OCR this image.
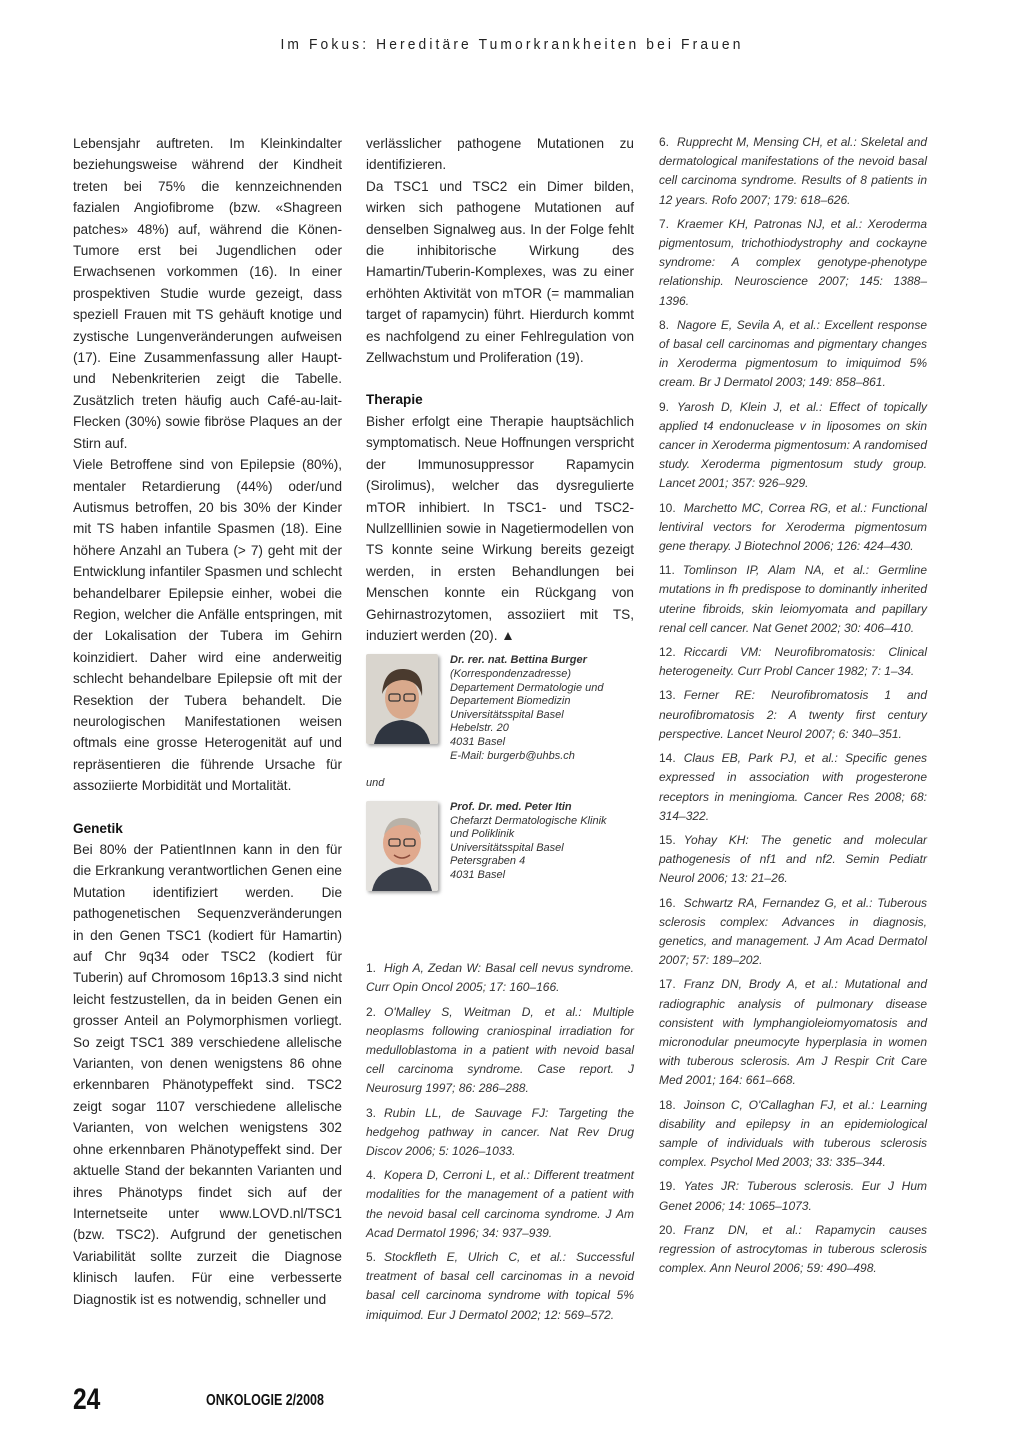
Im Fokus: Hereditäre Tumorkrankheiten bei Frauen

Lebensjahr auftreten. Im Kleinkindalter beziehungsweise während der Kindheit treten bei 75% die kennzeichnenden fazialen Angiofibrome (bzw. «Shagreen patches» 48%) auf, während die Könen-Tumore erst bei Jugendlichen oder Erwachsenen vorkommen (16). In einer prospektiven Studie wurde gezeigt, dass speziell Frauen mit TS gehäuft knotige und zystische Lungenveränderungen aufweisen (17). Eine Zusammenfassung aller Haupt- und Nebenkriterien zeigt die Tabelle. Zusätzlich treten häufig auch Café-au-lait-Flecken (30%) sowie fibröse Plaques an der Stirn auf.

Viele Betroffene sind von Epilepsie (80%), mentaler Retardierung (44%) oder/und Autismus betroffen, 20 bis 30% der Kinder mit TS haben infantile Spasmen (18). Eine höhere Anzahl an Tubera (> 7) geht mit der Entwicklung infantiler Spasmen und schlecht behandelbarer Epilepsie einher, wobei die Region, welcher die Anfälle entspringen, mit der Lokalisation der Tubera im Gehirn koinzidiert. Daher wird eine anderweitig schlecht behandelbare Epilepsie oft mit der Resektion der Tubera behandelt. Die neurologischen Manifestationen weisen oftmals eine grosse Heterogenität auf und repräsentieren die führende Ursache für assoziierte Morbidität und Mortalität.

Genetik

Bei 80% der PatientInnen kann in den für die Erkrankung verantwortlichen Genen eine Mutation identifiziert werden. Die pathogenetischen Sequenzveränderungen in den Genen TSC1 (kodiert für Hamartin) auf Chr 9q34 oder TSC2 (kodiert für Tuberin) auf Chromosom 16p13.3 sind nicht leicht festzustellen, da in beiden Genen ein grosser Anteil an Polymorphismen vorliegt. So zeigt TSC1 389 verschiedene allelische Varianten, von denen wenigstens 86 ohne erkennbaren Phänotypeffekt sind. TSC2 zeigt sogar 1107 verschiedene allelische Varianten, von welchen wenigstens 302 ohne erkennbaren Phänotypeffekt sind. Der aktuelle Stand der bekannten Varianten und ihres Phänotyps findet sich auf der Internetseite unter www.LOVD.nl/TSC1 (bzw. TSC2). Aufgrund der genetischen Variabilität sollte zurzeit die Diagnose klinisch laufen. Für eine verbesserte Diagnostik ist es notwendig, schneller und

verlässlicher pathogene Mutationen zu identifizieren.

Da TSC1 und TSC2 ein Dimer bilden, wirken sich pathogene Mutationen auf denselben Signalweg aus. In der Folge fehlt die inhibitorische Wirkung des Hamartin/Tuberin-Komplexes, was zu einer erhöhten Aktivität von mTOR (= mammalian target of rapamycin) führt. Hierdurch kommt es nachfolgend zu einer Fehlregulation von Zellwachstum und Proliferation (19).

Therapie

Bisher erfolgt eine Therapie hauptsächlich symptomatisch. Neue Hoffnungen verspricht der Immunosuppressor Rapamycin (Sirolimus), welcher das dysregulierte mTOR inhibiert. In TSC1- und TSC2-Nullzelllinien sowie in Nagetiermodellen von TS konnte seine Wirkung bereits gezeigt werden, in ersten Behandlungen bei Menschen konnte ein Rückgang von Gehirnastrozytomen, assoziiert mit TS, induziert werden (20). ▲

Dr. rer. nat. Bettina Burger
(Korrespondenzadresse)
Departement Dermatologie und
Departement Biomedizin
Universitätsspital Basel
Hebelstr. 20
4031 Basel
E-Mail: burgerb@uhbs.ch
und
Prof. Dr. med. Peter Itin
Chefarzt Dermatologische Klinik
und Poliklinik
Universitätsspital Basel
Petersgraben 4
4031 Basel

1. High A, Zedan W: Basal cell nevus syndrome. Curr Opin Oncol 2005; 17: 160–166.

2. O'Malley S, Weitman D, et al.: Multiple neoplasms following craniospinal irradiation for medulloblastoma in a patient with nevoid basal cell carcinoma syndrome. Case report. J Neurosurg 1997; 86: 286–288.

3. Rubin LL, de Sauvage FJ: Targeting the hedgehog pathway in cancer. Nat Rev Drug Discov 2006; 5: 1026–1033.

4. Kopera D, Cerroni L, et al.: Different treatment modalities for the management of a patient with the nevoid basal cell carcinoma syndrome. J Am Acad Dermatol 1996; 34: 937–939.

5. Stockfleth E, Ulrich C, et al.: Successful treatment of basal cell carcinomas in a nevoid basal cell carcinoma syndrome with topical 5% imiquimod. Eur J Dermatol 2002; 12: 569–572.

6. Rupprecht M, Mensing CH, et al.: Skeletal and dermatological manifestations of the nevoid basal cell carcinoma syndrome. Results of 8 patients in 12 years. Rofo 2007; 179: 618–626.

7. Kraemer KH, Patronas NJ, et al.: Xeroderma pigmentosum, trichothiodystrophy and cockayne syndrome: A complex genotype-phenotype relationship. Neuroscience 2007; 145: 1388–1396.

8. Nagore E, Sevila A, et al.: Excellent response of basal cell carcinomas and pigmentary changes in Xeroderma pigmentosum to imiquimod 5% cream. Br J Dermatol 2003; 149: 858–861.

9. Yarosh D, Klein J, et al.: Effect of topically applied t4 endonuclease v in liposomes on skin cancer in Xeroderma pigmentosum: A randomised study. Xeroderma pigmentosum study group. Lancet 2001; 357: 926–929.

10. Marchetto MC, Correa RG, et al.: Functional lentiviral vectors for Xeroderma pigmentosum gene therapy. J Biotechnol 2006; 126: 424–430.

11. Tomlinson IP, Alam NA, et al.: Germline mutations in fh predispose to dominantly inherited uterine fibroids, skin leiomyomata and papillary renal cell cancer. Nat Genet 2002; 30: 406–410.

12. Riccardi VM: Neurofibromatosis: Clinical heterogeneity. Curr Probl Cancer 1982; 7: 1–34.

13. Ferner RE: Neurofibromatosis 1 and neurofibromatosis 2: A twenty first century perspective. Lancet Neurol 2007; 6: 340–351.

14. Claus EB, Park PJ, et al.: Specific genes expressed in association with progesterone receptors in meningioma. Cancer Res 2008; 68: 314–322.

15. Yohay KH: The genetic and molecular pathogenesis of nf1 and nf2. Semin Pediatr Neurol 2006; 13: 21–26.

16. Schwartz RA, Fernandez G, et al.: Tuberous sclerosis complex: Advances in diagnosis, genetics, and management. J Am Acad Dermatol 2007; 57: 189–202.

17. Franz DN, Brody A, et al.: Mutational and radiographic analysis of pulmonary disease consistent with lymphangioleiomyomatosis and micronodular pneumocyte hyperplasia in women with tuberous sclerosis. Am J Respir Crit Care Med 2001; 164: 661–668.

18. Joinson C, O'Callaghan FJ, et al.: Learning disability and epilepsy in an epidemiological sample of individuals with tuberous sclerosis complex. Psychol Med 2003; 33: 335–344.

19. Yates JR: Tuberous sclerosis. Eur J Hum Genet 2006; 14: 1065–1073.

20. Franz DN, et al.: Rapamycin causes regression of astrocytomas in tuberous sclerosis complex. Ann Neurol 2006; 59: 490–498.

24	ONKOLOGIE 2/2008
